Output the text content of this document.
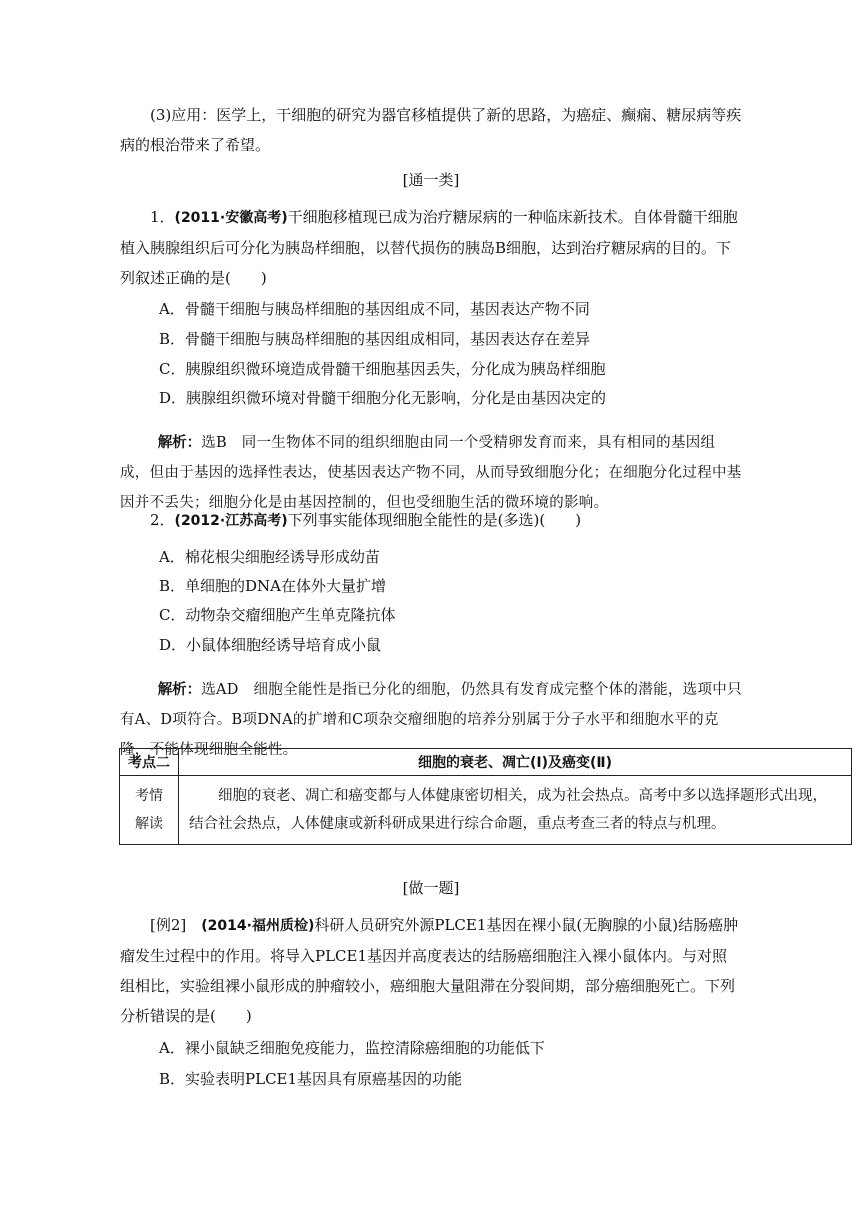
(3)应用：医学上，干细胞的研究为器官移植提供了新的思路，为癌症、癫痫、糖尿病等疾病的根治带来了希望。

[通一类]

1．(2011·安徽高考)干细胞移植现已成为治疗糖尿病的一种临床新技术。自体骨髓干细胞植入胰腺组织后可分化为胰岛样细胞，以替代损伤的胰岛B细胞，达到治疗糖尿病的目的。下列叙述正确的是(　　)

A．骨髓干细胞与胰岛样细胞的基因组成不同，基因表达产物不同
B．骨髓干细胞与胰岛样细胞的基因组成相同，基因表达存在差异
C．胰腺组织微环境造成骨髓干细胞基因丢失，分化成为胰岛样细胞
D．胰腺组织微环境对骨髓干细胞分化无影响，分化是由基因决定的

解析：选B　同一生物体不同的组织细胞由同一个受精卵发育而来，具有相同的基因组成，但由于基因的选择性表达，使基因表达产物不同，从而导致细胞分化；在细胞分化过程中基因并不丢失；细胞分化是由基因控制的，但也受细胞生活的微环境的影响。

2．(2012·江苏高考)下列事实能体现细胞全能性的是(多选)(　　)

A．棉花根尖细胞经诱导形成幼苗
B．单细胞的DNA在体外大量扩增
C．动物杂交瘤细胞产生单克隆抗体
D．小鼠体细胞经诱导培育成小鼠

解析：选AD　细胞全能性是指已分化的细胞，仍然具有发育成完整个体的潜能，选项中只有A、D项符合。B项DNA的扩增和C项杂交瘤细胞的培养分别属于分子水平和细胞水平的克隆，不能体现细胞全能性。

考点二	细胞的衰老、凋亡(Ⅰ)及癌变(Ⅱ)

考情
解读	细胞的衰老、凋亡和癌变都与人体健康密切相关，成为社会热点。高考中多以选择题形式出现，结合社会热点，人体健康或新科研成果进行综合命题，重点考查三者的特点与机理。
[做一题]

[例2]　 (2014·福州质检)科研人员研究外源PLCE1基因在裸小鼠(无胸腺的小鼠)结肠癌肿瘤发生过程中的作用。将导入PLCE1基因并高度表达的结肠癌细胞注入裸小鼠体内。与对照组相比，实验组裸小鼠形成的肿瘤较小，癌细胞大量阻滞在分裂间期，部分癌细胞死亡。下列分析错误的是(　　)

A．裸小鼠缺乏细胞免疫能力，监控清除癌细胞的功能低下
B．实验表明PLCE1基因具有原癌基因的功能
